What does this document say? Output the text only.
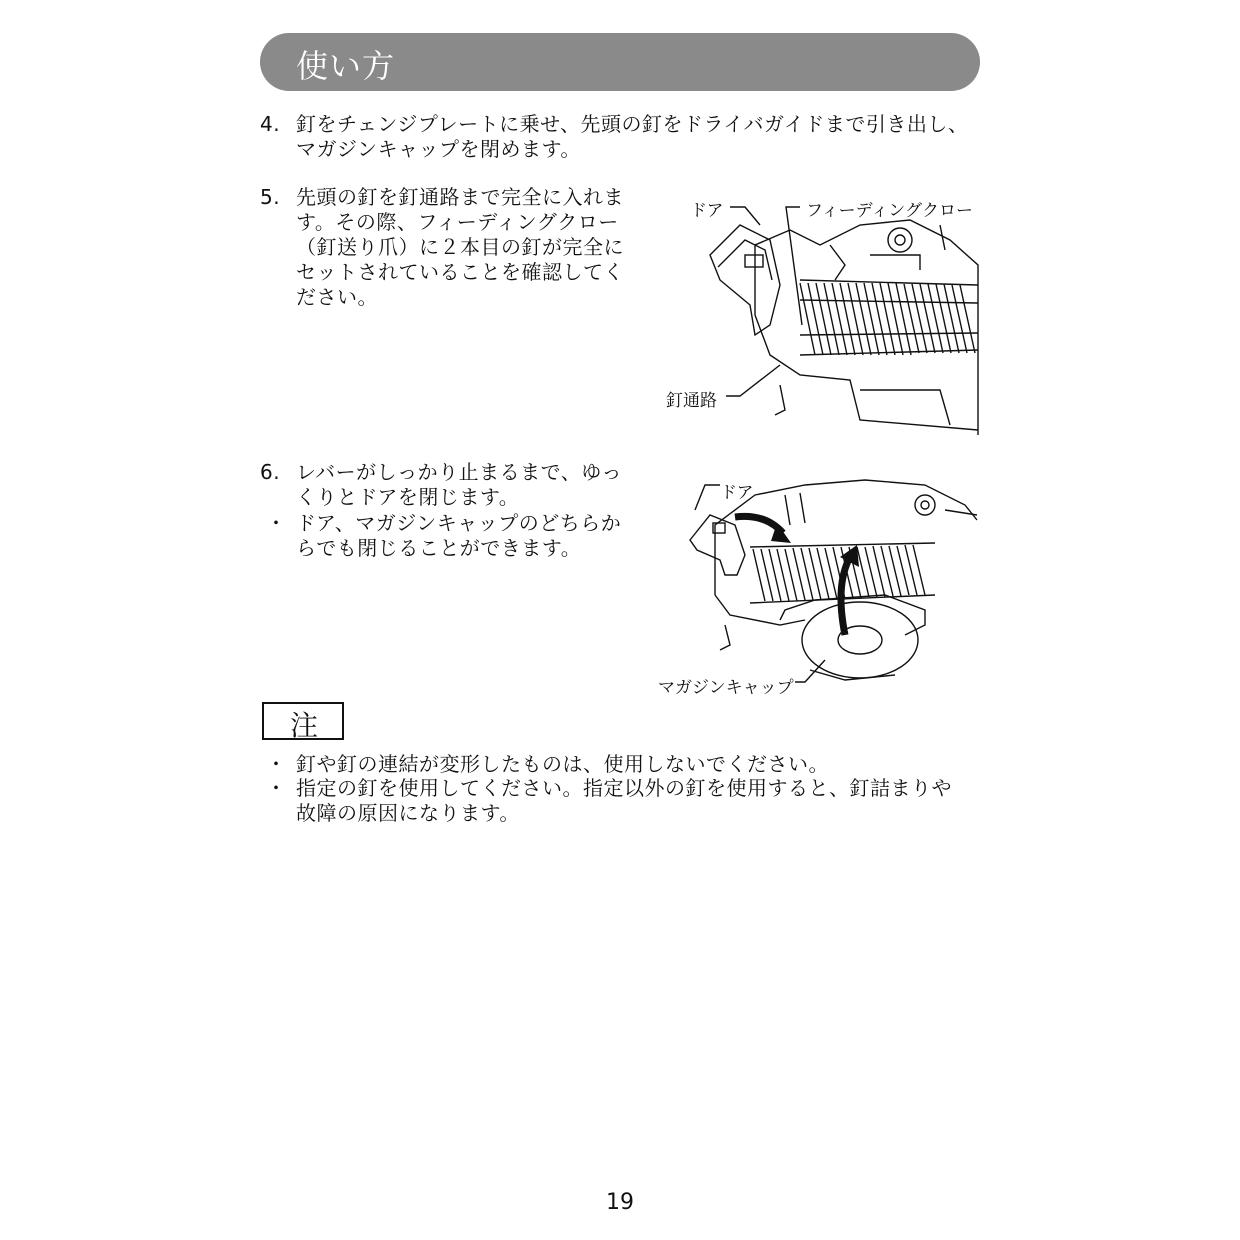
使い方
4. 釘をチェンジプレートに乗せ、先頭の釘をドライバガイドまで引き出し、
マガジンキャップを閉めます。
5. 先頭の釘を釘通路まで完全に入れま
す。その際、フィーディングクロー
（釘送り爪）に２本目の釘が完全に
セットされていることを確認してく
ださい。
ドア	フィーディングクロー
釘通路
6. レバーがしっかり止まるまで、ゆっ
くりとドアを閉じます。
・ ドア、マガジンキャップのどちらか
らでも閉じることができます。
ドア
マガジンキャップ
注
・ 釘や釘の連結が変形したものは、使用しないでください。
・ 指定の釘を使用してください。指定以外の釘を使用すると、釘詰まりや
故障の原因になります。
19
